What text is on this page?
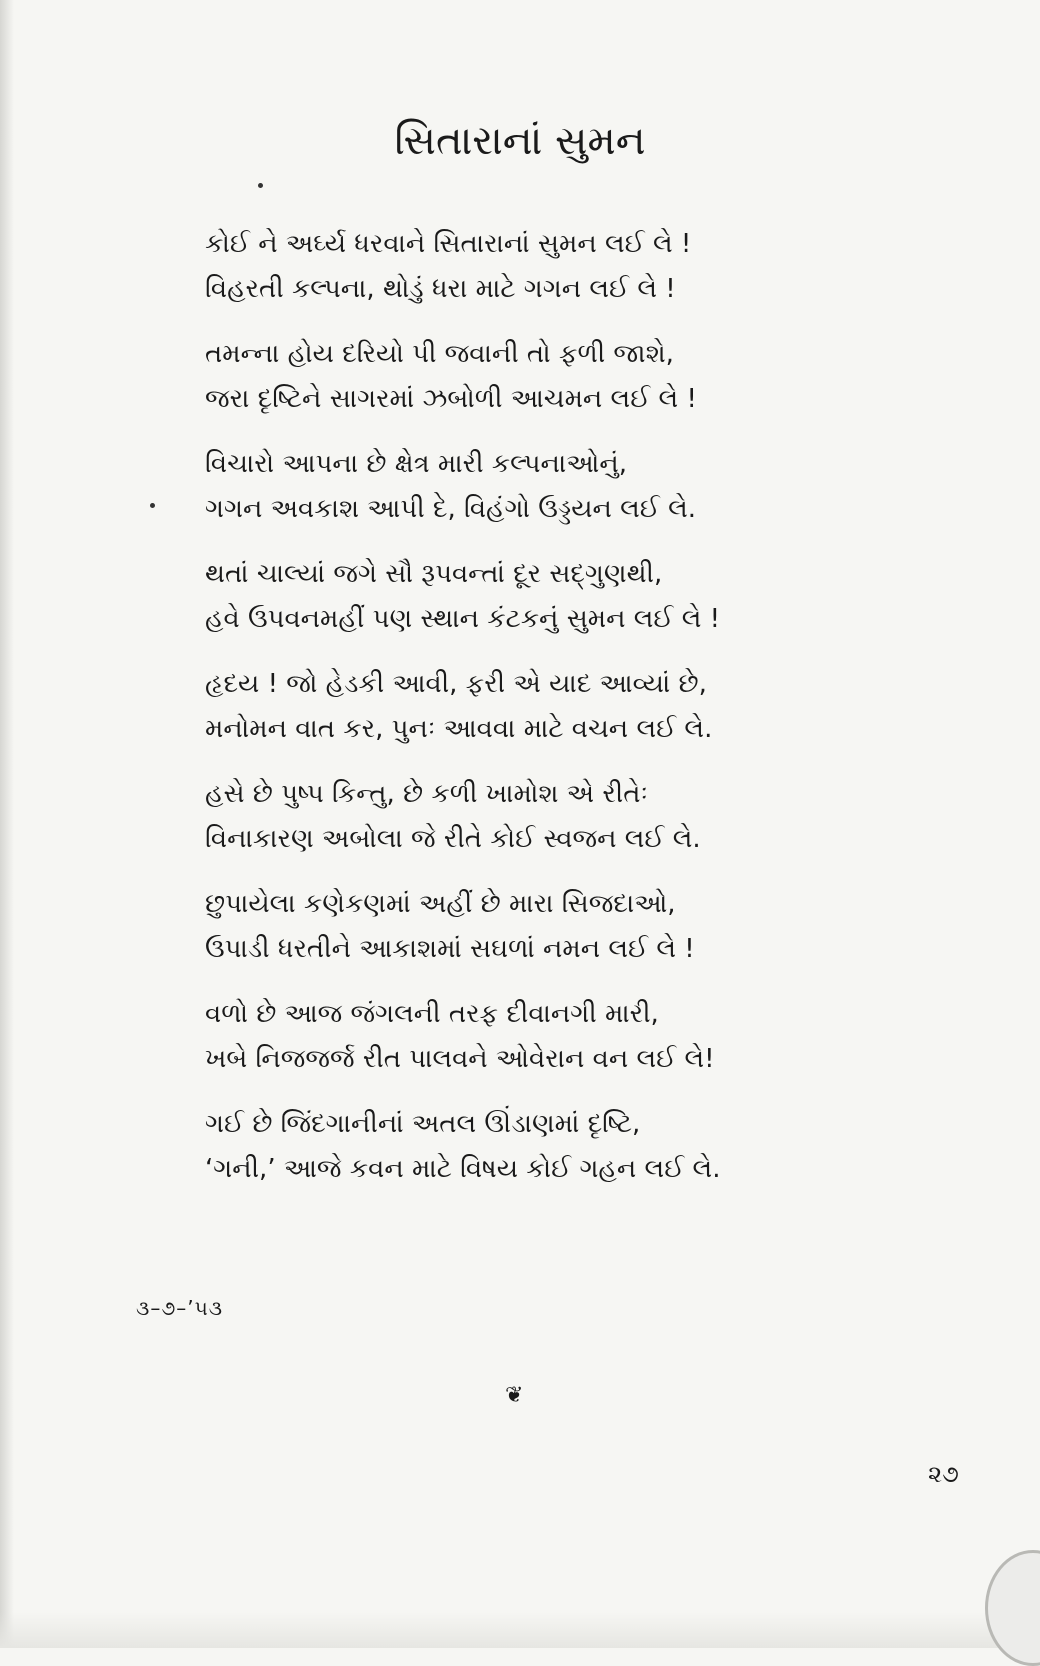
સિતારાનાં સુમન
કોઈ ને અર્ઘ્ય ધરવાને સિતારાનાં સુમન લઈ લે !
વિહરતી કલ્પના, થોડું ધરા માટે ગગન લઈ લે !
તમન્ના હોય દરિયો પી જવાની તો ફળી જાશે,
જરા દૃષ્ટિને સાગરમાં ઝબોળી આચમન લઈ લે !
વિચારો આપના છે ક્ષેત્ર મારી કલ્પનાઓનું,
ગગન અવકાશ આપી દે, વિહંગો ઉડ્ડયન લઈ લે.
થતાં ચાલ્યાં જગે સૌ રૂપવન્તાં દૂર સદ્‌ગુણથી,
હવે ઉપવનમહીં પણ સ્થાન કંટકનું સુમન લઈ લે !
હૃદય ! જો હેડકી આવી, ફરી એ યાદ આવ્યાં છે,
મનોમન વાત કર, પુનઃ આવવા માટે વચન લઈ લે.
હસે છે પુષ્પ કિન્તુ, છે કળી ખામોશ એ રીતેઃ
વિનાકારણ અબોલા જે રીતે કોઈ સ્વજન લઈ લે.
છુપાયેલા કણેકણમાં અહીં છે મારા સિજદાઓ,
ઉપાડી ધરતીને આકાશમાં સઘળાં નમન લઈ લે !
વળો છે આજ જંગલની તરફ દીવાનગી મારી,
ખબે નિજજર્જ રીત પાલવને ઓવેરાન વન લઈ લે!
ગઈ છે જિંદગાનીનાં અતલ ઊંડાણમાં દૃષ્ટિ,
‘ગની,’ આજે કવન માટે વિષય કોઈ ગહન લઈ લે.
૩–૭–’૫૩
❦
૨૭
